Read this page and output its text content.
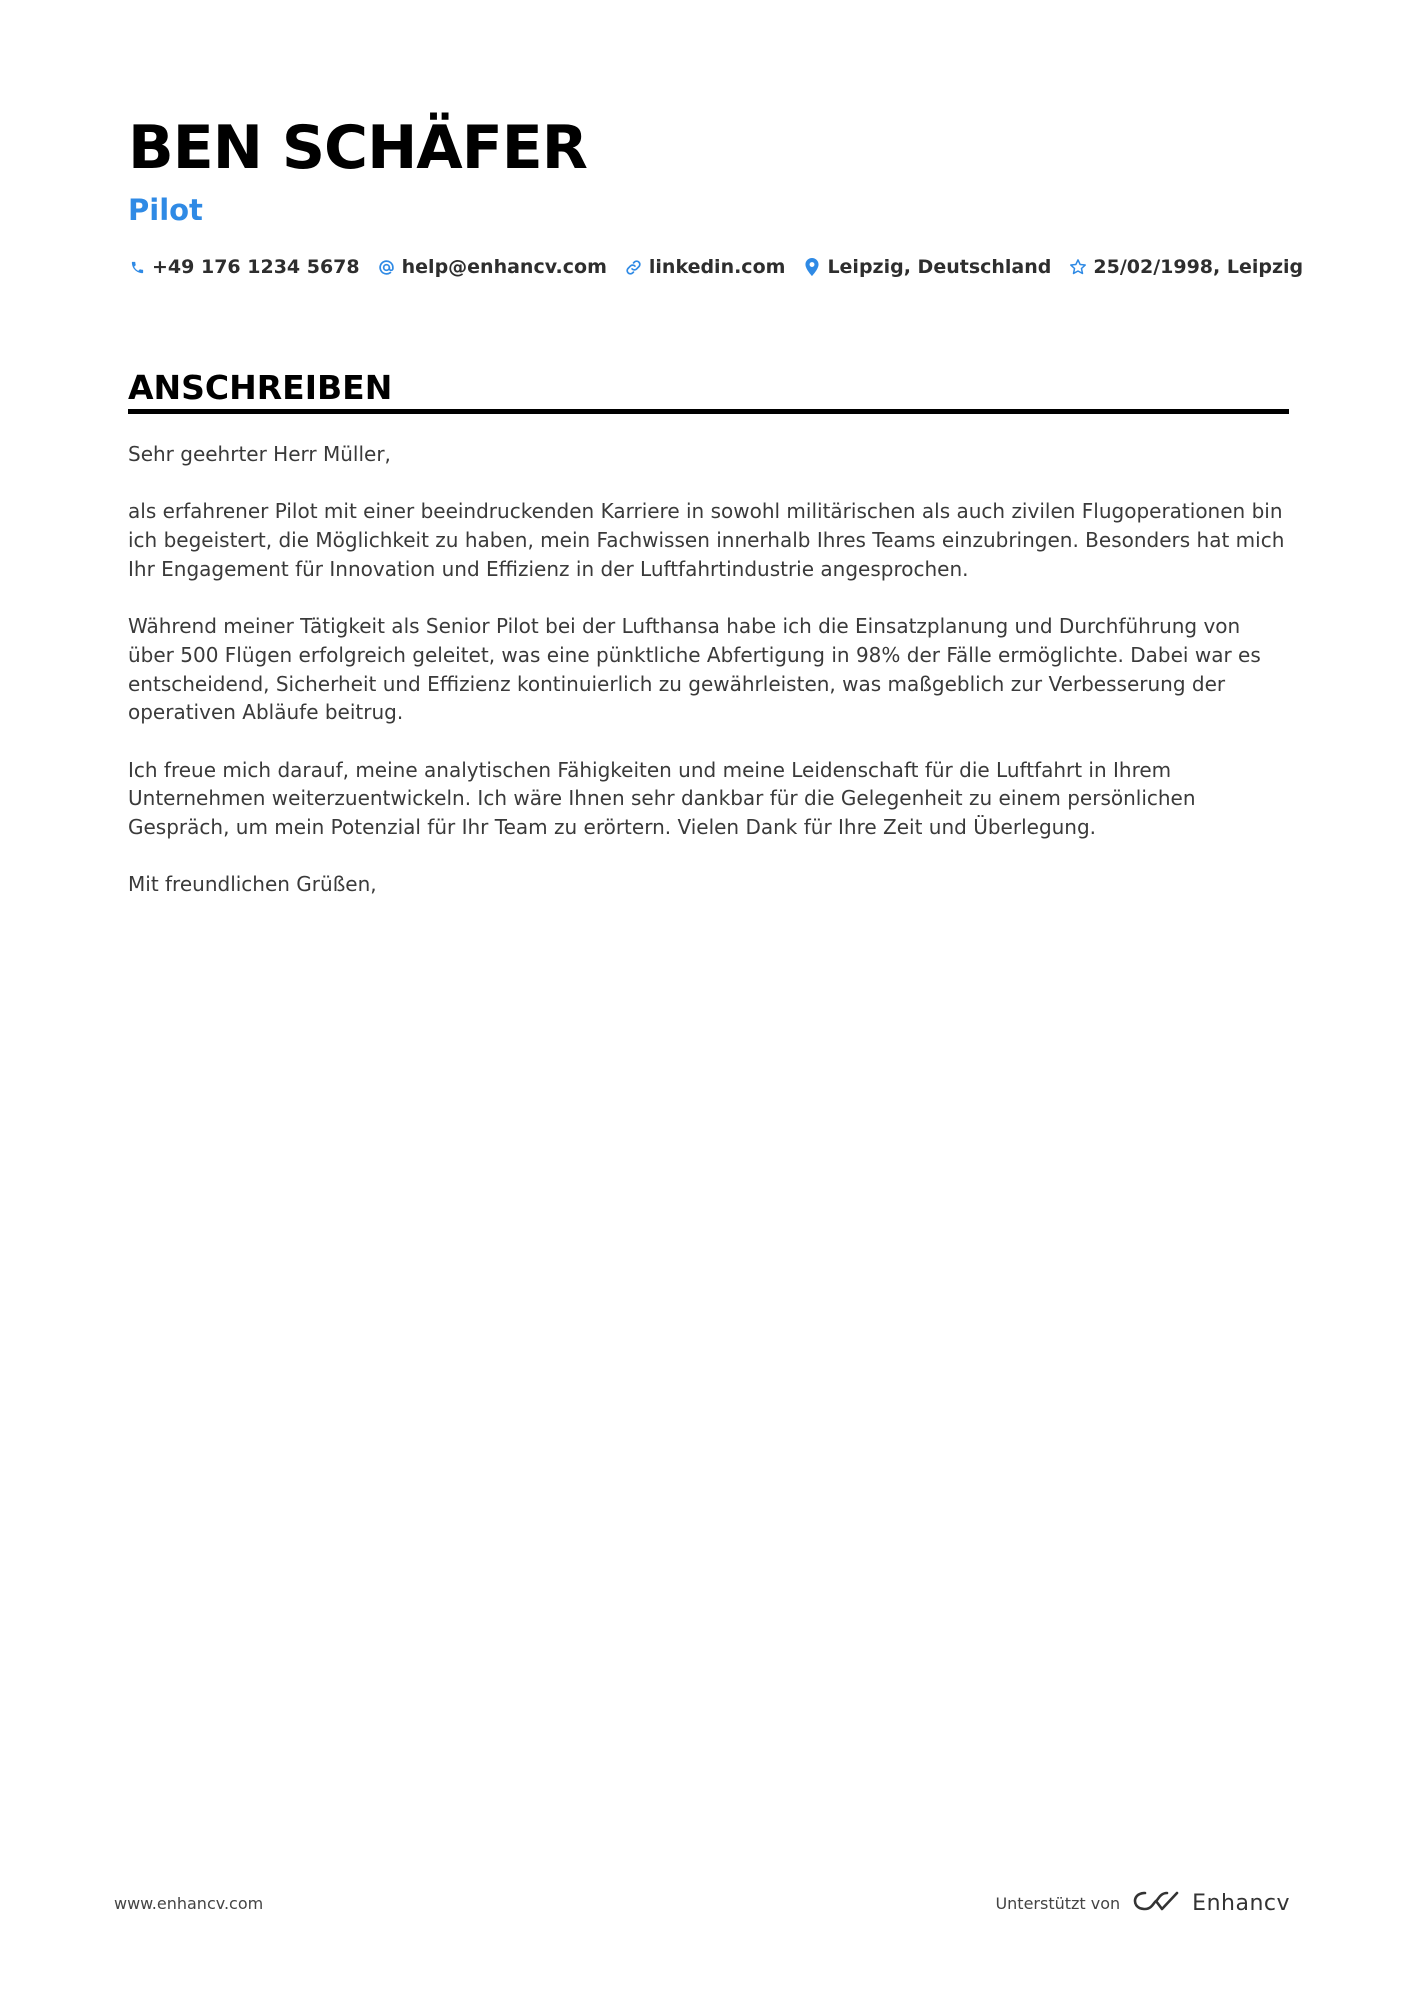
BEN SCHÄFER
Pilot
+49 176 1234 5678 help@enhancv.com linkedin.com Leipzig, Deutschland 25/02/1998, Leipzig
ANSCHREIBEN

Sehr geehrter Herr Müller,

als erfahrener Pilot mit einer beeindruckenden Karriere in sowohl militärischen als auch zivilen Flugoperationen bin ich begeistert, die Möglichkeit zu haben, mein Fachwissen innerhalb Ihres Teams einzubringen. Besonders hat mich Ihr Engagement für Innovation und Effizienz in der Luftfahrtindustrie angesprochen.

Während meiner Tätigkeit als Senior Pilot bei der Lufthansa habe ich die Einsatzplanung und Durchführung von über 500 Flügen erfolgreich geleitet, was eine pünktliche Abfertigung in 98% der Fälle ermöglichte. Dabei war es entscheidend, Sicherheit und Effizienz kontinuierlich zu gewährleisten, was maßgeblich zur Verbesserung der operativen Abläufe beitrug.

Ich freue mich darauf, meine analytischen Fähigkeiten und meine Leidenschaft für die Luftfahrt in Ihrem Unternehmen weiterzuentwickeln. Ich wäre Ihnen sehr dankbar für die Gelegenheit zu einem persönlichen Gespräch, um mein Potenzial für Ihr Team zu erörtern. Vielen Dank für Ihre Zeit und Überlegung.

Mit freundlichen Grüßen,

www.enhancv.com	Unterstützt von	Enhancv
